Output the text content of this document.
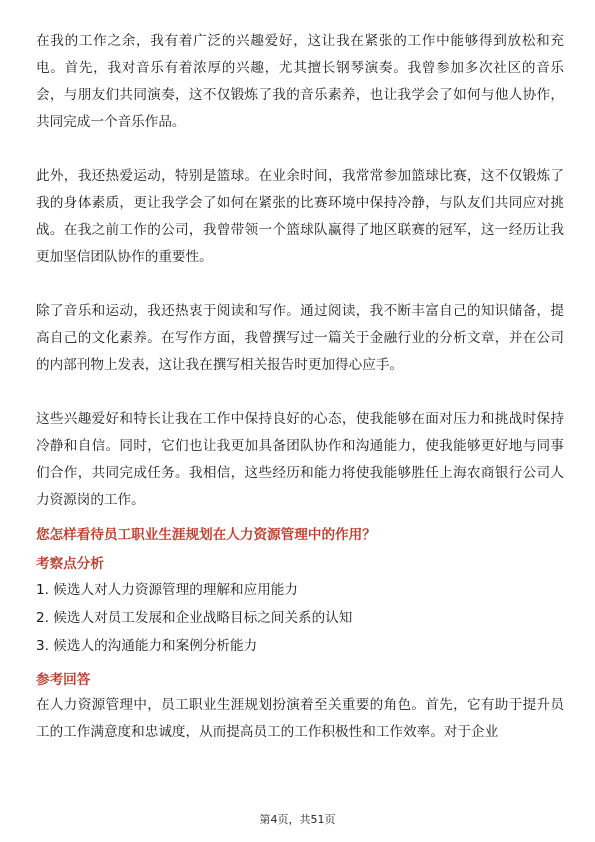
在我的工作之余，我有着广泛的兴趣爱好，这让我在紧张的工作中能够得到放松和充电。首先，我对音乐有着浓厚的兴趣，尤其擅长钢琴演奏。我曾参加多次社区的音乐会，与朋友们共同演奏，这不仅锻炼了我的音乐素养，也让我学会了如何与他人协作，共同完成一个音乐作品。

此外，我还热爱运动，特别是篮球。在业余时间，我常常参加篮球比赛，这不仅锻炼了我的身体素质，更让我学会了如何在紧张的比赛环境中保持冷静，与队友们共同应对挑战。在我之前工作的公司，我曾带领一个篮球队赢得了地区联赛的冠军，这一经历让我更加坚信团队协作的重要性。

除了音乐和运动，我还热衷于阅读和写作。通过阅读，我不断丰富自己的知识储备，提高自己的文化素养。在写作方面，我曾撰写过一篇关于金融行业的分析文章，并在公司的内部刊物上发表，这让我在撰写相关报告时更加得心应手。

这些兴趣爱好和特长让我在工作中保持良好的心态，使我能够在面对压力和挑战时保持冷静和自信。同时，它们也让我更加具备团队协作和沟通能力，使我能够更好地与同事们合作，共同完成任务。我相信，这些经历和能力将使我能够胜任上海农商银行公司人力资源岗的工作。

您怎样看待员工职业生涯规划在人力资源管理中的作用？
考察点分析
1. 候选人对人力资源管理的理解和应用能力
2. 候选人对员工发展和企业战略目标之间关系的认知
3. 候选人的沟通能力和案例分析能力
参考回答

在人力资源管理中，员工职业生涯规划扮演着至关重要的角色。首先，它有助于提升员工的工作满意度和忠诚度，从而提高员工的工作积极性和工作效率。对于企业

第4页，共51页
